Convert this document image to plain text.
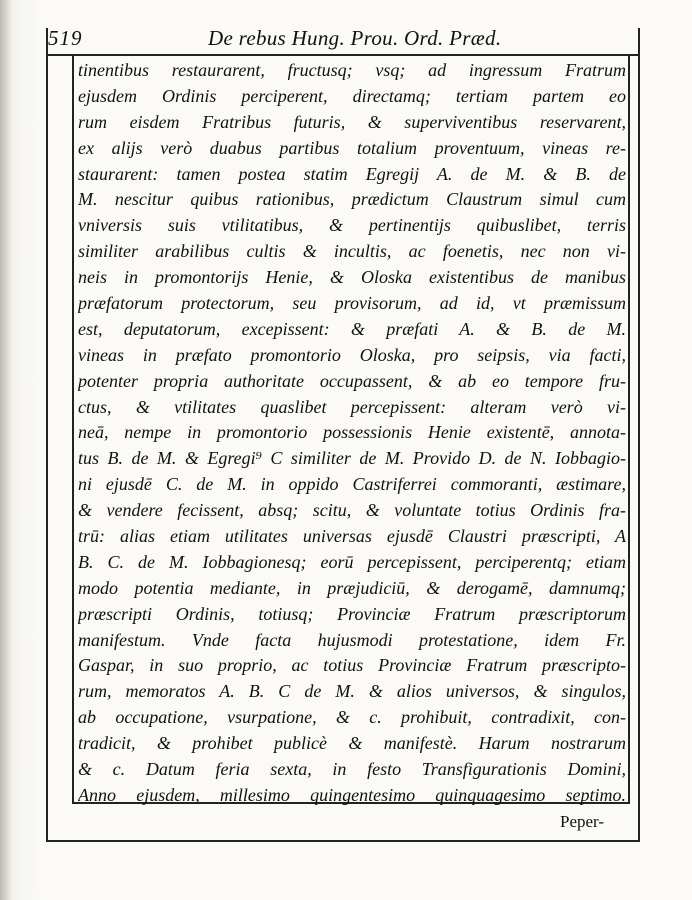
519	De rebus Hung. Prou. Ord. Præd.
tinentibus restaurarent, fructusq; vsq; ad ingressum Fratrum
ejusdem Ordinis perciperent, directamq; tertiam partem eo
rum eisdem Fratribus futuris, & superviventibus reservarent,
ex alijs verò duabus partibus totalium proventuum, vineas re-
staurarent: tamen postea statim Egregij A. de M. & B. de
M. nescitur quibus rationibus, prædictum Claustrum simul cum
vniversis suis vtilitatibus, & pertinentijs quibuslibet, terris
similiter arabilibus cultis & incultis, ac foenetis, nec non vi-
neis in promontorijs Henie, & Oloska existentibus de manibus
præfatorum protectorum, seu provisorum, ad id, vt præmissum
est, deputatorum, excepissent: & præfati A. & B. de M.
vineas in præfato promontorio Oloska, pro seipsis, via facti,
potenter propria authoritate occupassent, & ab eo tempore fru-
ctus, & vtilitates quaslibet percepissent: alteram verò vi-
neā, nempe in promontorio possessionis Henie existentē, annota-
tus B. de M. & Egregi⁹ C similiter de M. Provido D. de N. Iobbagio-
ni ejusdē C. de M. in oppido Castriferrei commoranti, æstimare,
& vendere fecissent, absq; scitu, & voluntate totius Ordinis fra-
trū: alias etiam utilitates universas ejusdē Claustri præscripti, A
B. C. de M. Iobbagionesq; eorū percepissent, perciperentq; etiam
modo potentia mediante, in præjudiciū, & derogamē, damnumq;
præscripti Ordinis, totiusq; Provinciæ Fratrum præscriptorum
manifestum. Vnde facta hujusmodi protestatione, idem Fr.
Gaspar, in suo proprio, ac totius Provinciæ Fratrum præscripto-
rum, memoratos A. B. C de M. & alios universos, & singulos,
ab occupatione, vsurpatione, & c. prohibuit, contradixit, con-
tradicit, & prohibet publicè & manifestè. Harum nostrarum
& c. Datum feria sexta, in festo Transfigurationis Domini,
Anno ejusdem, millesimo quingentesimo quinquagesimo septimo.
Peper-
